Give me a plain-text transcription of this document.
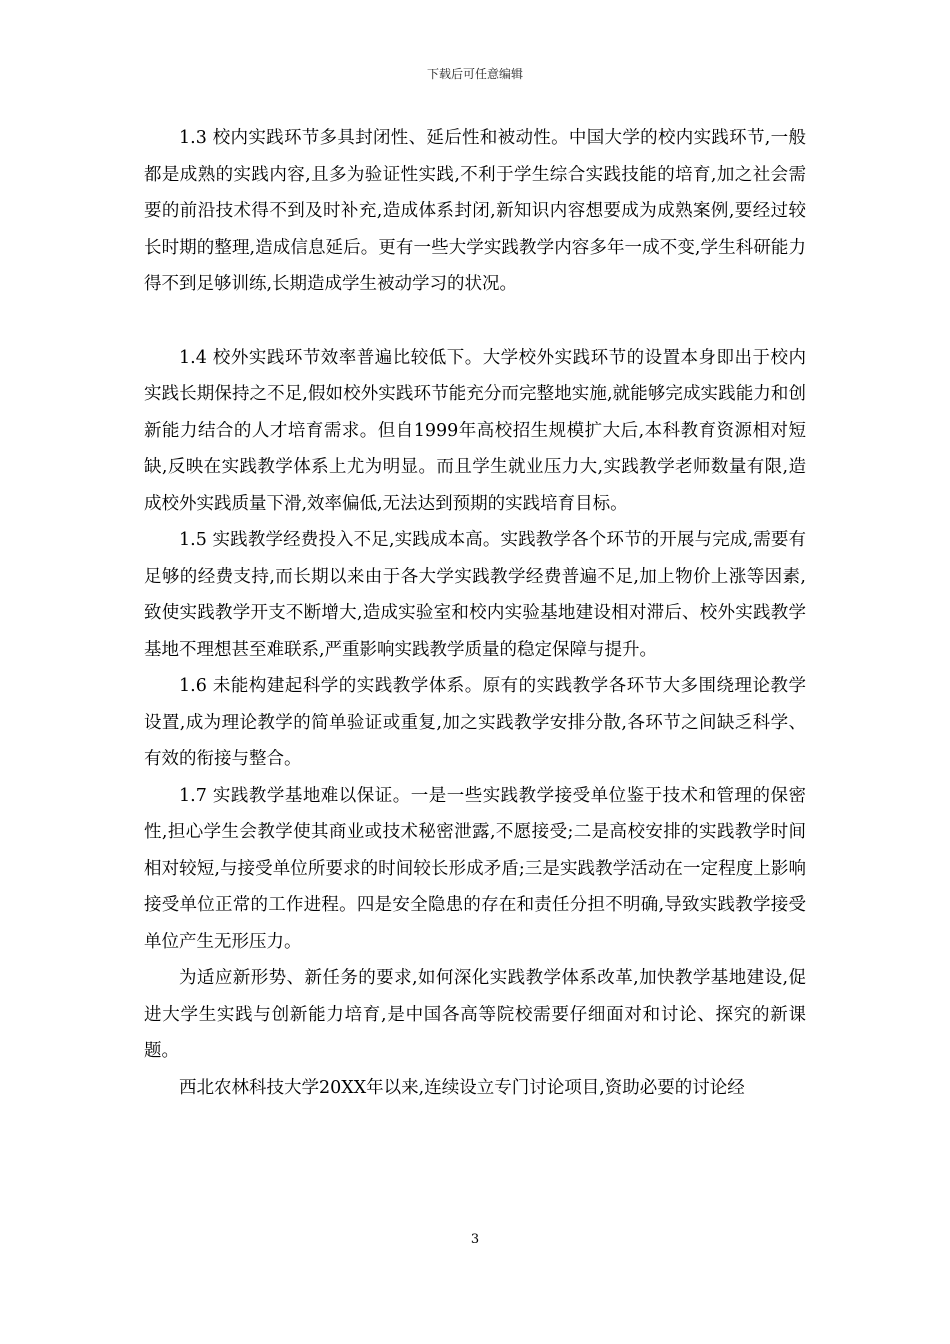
下载后可任意编辑

1.3 校内实践环节多具封闭性、延后性和被动性。中国大学的校内实践环节,一般都是成熟的实践内容,且多为验证性实践,不利于学生综合实践技能的培育,加之社会需要的前沿技术得不到及时补充,造成体系封闭,新知识内容想要成为成熟案例,要经过较长时期的整理,造成信息延后。更有一些大学实践教学内容多年一成不变,学生科研能力得不到足够训练,长期造成学生被动学习的状况。

1.4 校外实践环节效率普遍比较低下。大学校外实践环节的设置本身即出于校内实践长期保持之不足,假如校外实践环节能充分而完整地实施,就能够完成实践能力和创新能力结合的人才培育需求。但自1999年高校招生规模扩大后,本科教育资源相对短缺,反映在实践教学体系上尤为明显。而且学生就业压力大,实践教学老师数量有限,造成校外实践质量下滑,效率偏低,无法达到预期的实践培育目标。

1.5 实践教学经费投入不足,实践成本高。实践教学各个环节的开展与完成,需要有足够的经费支持,而长期以来由于各大学实践教学经费普遍不足,加上物价上涨等因素,致使实践教学开支不断增大,造成实验室和校内实验基地建设相对滞后、校外实践教学基地不理想甚至难联系,严重影响实践教学质量的稳定保障与提升。

1.6 未能构建起科学的实践教学体系。原有的实践教学各环节大多围绕理论教学设置,成为理论教学的简单验证或重复,加之实践教学安排分散,各环节之间缺乏科学、有效的衔接与整合。

1.7 实践教学基地难以保证。一是一些实践教学接受单位鉴于技术和管理的保密性,担心学生会教学使其商业或技术秘密泄露,不愿接受;二是高校安排的实践教学时间相对较短,与接受单位所要求的时间较长形成矛盾;三是实践教学活动在一定程度上影响接受单位正常的工作进程。四是安全隐患的存在和责任分担不明确,导致实践教学接受单位产生无形压力。

为适应新形势、新任务的要求,如何深化实践教学体系改革,加快教学基地建设,促进大学生实践与创新能力培育,是中国各高等院校需要仔细面对和讨论、探究的新课题。

西北农林科技大学20XX年以来,连续设立专门讨论项目,资助必要的讨论经

3
